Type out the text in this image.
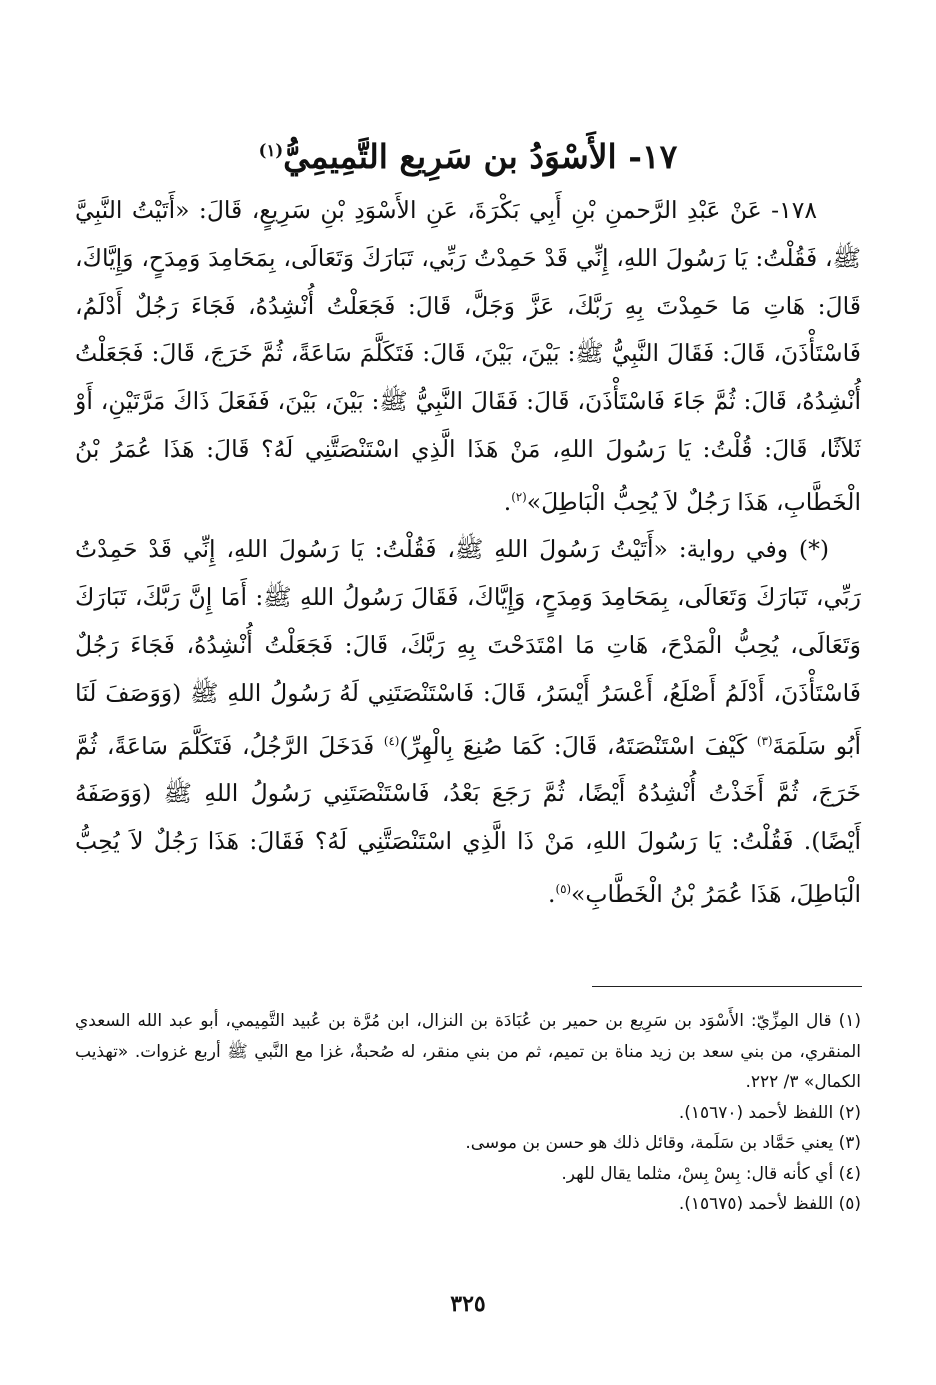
١٧- الأَسْوَدُ بن سَرِيع التَّمِيمِيُّ$^{(١)}$

١٧٨- عَنْ عَبْدِ الرَّحمنِ بْنِ أَبِي بَكْرَةَ، عَنِ الأَسْوَدِ بْنِ سَرِيعٍ، قَالَ: «أَتَيْتُ النَّبِيَّ ﷺ، فَقُلْتُ: يَا رَسُولَ اللهِ، إِنِّي قَدْ حَمِدْتُ رَبِّي، تَبَارَكَ وَتَعَالَى، بِمَحَامِدَ وَمِدَحٍ، وَإِيَّاكَ، قَالَ: هَاتِ مَا حَمِدْتَ بِهِ رَبَّكَ، عَزَّ وَجَلَّ، قَالَ: فَجَعَلْتُ أُنْشِدُهُ، فَجَاءَ رَجُلٌ أَدْلَمُ، فَاسْتَأْذَنَ، قَالَ: فَقَالَ النَّبِيُّ ﷺ: بَيْنَ، بَيْنَ، قَالَ: فَتَكَلَّمَ سَاعَةً، ثُمَّ خَرَجَ، قَالَ: فَجَعَلْتُ أُنْشِدُهُ، قَالَ: ثُمَّ جَاءَ فَاسْتَأْذَنَ، قَالَ: فَقَالَ النَّبِيُّ ﷺ: بَيْنَ، بَيْنَ، فَفَعَلَ ذَاكَ مَرَّتَيْنِ، أَوْ ثَلاَثًا، قَالَ: قُلْتُ: يَا رَسُولَ اللهِ، مَنْ هَذَا الَّذِي اسْتَنْصَتَّنِي لَهُ؟ قَالَ: هَذَا عُمَرُ بْنُ الْخَطَّابِ، هَذَا رَجُلٌ لاَ يُحِبُّ الْبَاطِلَ»$^{(٢)}$.

(*) وفي رواية: «أَتَيْتُ رَسُولَ اللهِ ﷺ، فَقُلْتُ: يَا رَسُولَ اللهِ، إِنِّي قَدْ حَمِدْتُ رَبِّي، تَبَارَكَ وَتَعَالَى، بِمَحَامِدَ وَمِدَحٍ، وَإِيَّاكَ، فَقَالَ رَسُولُ اللهِ ﷺ: أَمَا إِنَّ رَبَّكَ، تَبَارَكَ وَتَعَالَى، يُحِبُّ الْمَدْحَ، هَاتِ مَا امْتَدَحْتَ بِهِ رَبَّكَ، قَالَ: فَجَعَلْتُ أُنْشِدُهُ، فَجَاءَ رَجُلٌ فَاسْتَأْذَنَ، أَدْلَمُ أَصْلَعُ، أَعْسَرُ أَيْسَرُ، قَالَ: فَاسْتَنْصَتَنِي لَهُ رَسُولُ اللهِ ﷺ (وَوَصَفَ لَنَا أَبُو سَلَمَةَ$^{(٣)}$ كَيْفَ اسْتَنْصَتَهُ، قَالَ: كَمَا صُنِعَ بِالْهِرِّ)$^{(٤)}$ فَدَخَلَ الرَّجُلُ، فَتَكَلَّمَ سَاعَةً، ثُمَّ خَرَجَ، ثُمَّ أَخَذْتُ أُنْشِدُهُ أَيْضًا، ثُمَّ رَجَعَ بَعْدُ، فَاسْتَنْصَتَنِي رَسُولُ اللهِ ﷺ (وَوَصَفَهُ أَيْضًا). فَقُلْتُ: يَا رَسُولَ اللهِ، مَنْ ذَا الَّذِي اسْتَنْصَتَّنِي لَهُ؟ فَقَالَ: هَذَا رَجُلٌ لاَ يُحِبُّ الْبَاطِلَ، هَذَا عُمَرُ بْنُ الْخَطَّابِ»$^{(٥)}$.

(١) قال المِزِّيّ: الأَسْوَد بن سَرِيع بن حمير بن عُبَادَة بن النزال، ابن مُرَّة بن عُبيد التَّمِيمي، أبو عبد الله السعدي المنقري، من بني سعد بن زيد مناة بن تميم، ثم من بني منقر، له صُحبةٌ، غزا مع النَّبي ﷺ أربع غزوات. «تهذيب الكمال» ٣/ ٢٢٢.

(٢) اللفظ لأحمد (١٥٦٧٠).

(٣) يعني حَمَّاد بن سَلَمة، وقائل ذلك هو حسن بن موسى.

(٤) أي كأنه قال: بِسْ بِسْ، مثلما يقال للهر.

(٥) اللفظ لأحمد (١٥٦٧٥).

٣٢٥
